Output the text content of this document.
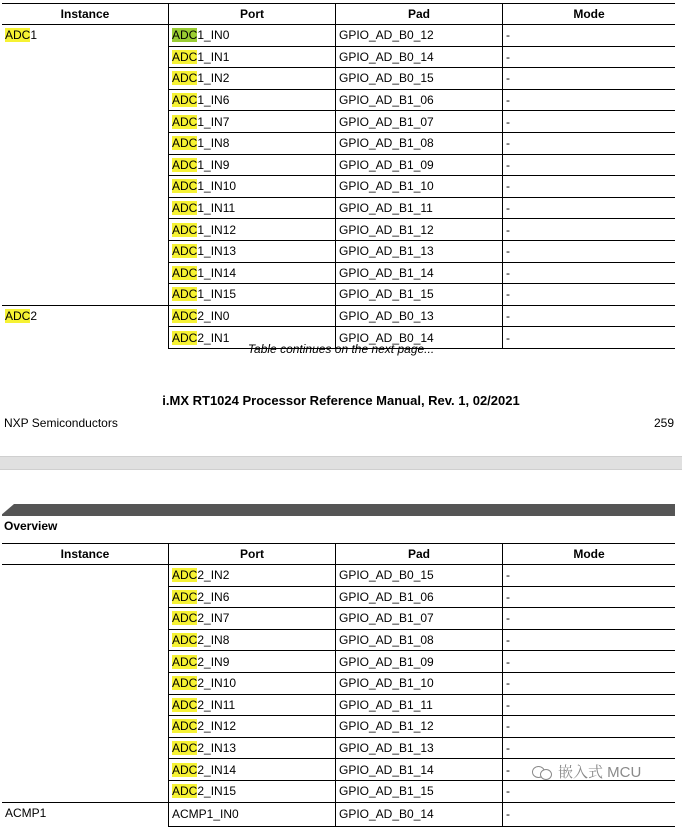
Instance	Port	Pad	Mode
ADC1	ADC1_IN0	GPIO_AD_B0_12	-
	ADC1_IN1	GPIO_AD_B0_14	-
	ADC1_IN2	GPIO_AD_B0_15	-
	ADC1_IN6	GPIO_AD_B1_06	-
	ADC1_IN7	GPIO_AD_B1_07	-
	ADC1_IN8	GPIO_AD_B1_08	-
	ADC1_IN9	GPIO_AD_B1_09	-
	ADC1_IN10	GPIO_AD_B1_10	-
	ADC1_IN11	GPIO_AD_B1_11	-
	ADC1_IN12	GPIO_AD_B1_12	-
	ADC1_IN13	GPIO_AD_B1_13	-
	ADC1_IN14	GPIO_AD_B1_14	-
	ADC1_IN15	GPIO_AD_B1_15	-
ADC2	ADC2_IN0	GPIO_AD_B0_13	-
	ADC2_IN1	GPIO_AD_B0_14	-
Table continues on the next page...
i.MX RT1024 Processor Reference Manual, Rev. 1, 02/2021
NXP Semiconductors	259
Overview
Instance	Port	Pad	Mode
	ADC2_IN2	GPIO_AD_B0_15	-
	ADC2_IN6	GPIO_AD_B1_06	-
	ADC2_IN7	GPIO_AD_B1_07	-
	ADC2_IN8	GPIO_AD_B1_08	-
	ADC2_IN9	GPIO_AD_B1_09	-
	ADC2_IN10	GPIO_AD_B1_10	-
	ADC2_IN11	GPIO_AD_B1_11	-
	ADC2_IN12	GPIO_AD_B1_12	-
	ADC2_IN13	GPIO_AD_B1_13	-
	ADC2_IN14	GPIO_AD_B1_14	-
	ADC2_IN15	GPIO_AD_B1_15	-
ACMP1	ACMP1_IN0	GPIO_AD_B0_14	-
嵌入式 MCU
